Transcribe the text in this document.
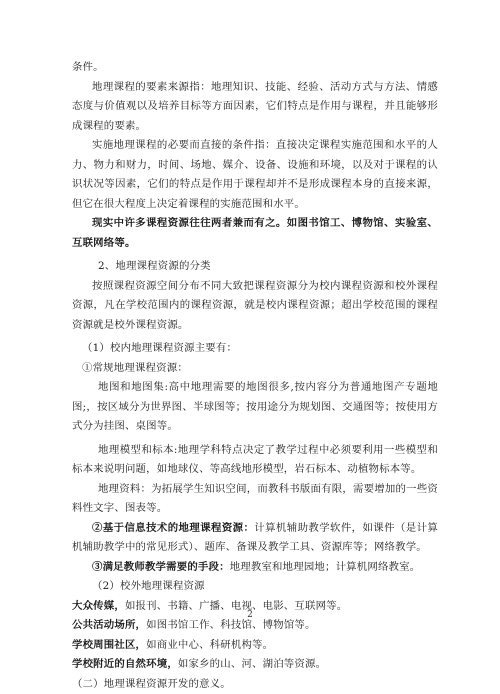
条件。

地理课程的要素来源指：地理知识、技能、经验、活动方式与方法、情感态度与价值观以及培养目标等方面因素，它们特点是作用与课程，并且能够形成课程的要素。

实施地理课程的必要而直接的条件指：直接决定课程实施范围和水平的人力、物力和财力，时间、场地、媒介、设备、设施和环境，以及对于课程的认识状况等因素，它们的特点是作用于课程却并不是形成课程本身的直接来源，但它在很大程度上决定着课程的实施范围和水平。

现实中许多课程资源往往两者兼而有之。如图书馆工、博物馆、实验室、互联网络等。

2、地理课程资源的分类

按照课程资源空间分布不同大致把课程资源分为校内课程资源和校外课程资源，凡在学校范围内的课程资源，就是校内课程资源；超出学校范围的课程资源就是校外课程资源。

（1）校内地理课程资源主要有：

①常规地理课程资源：

地图和地图集:高中地理需要的地图很多,按内容分为普通地图产专题地图;，按区域分为世界图、半球图等；按用途分为规划图、交通图等；按使用方式分为挂图、桌图等。

地理模型和标本:地理学科特点决定了教学过程中必须要利用一些模型和标本来说明问题，如地球仪、等高线地形模型，岩石标本、动植物标本等。

地理资料：为拓展学生知识空间，而教科书版面有限，需要增加的一些资料性文字、图表等。

②基于信息技术的地理课程资源：计算机辅助教学软件，如课件（是计算机辅助教学中的常见形式）、题库、备课及教学工具、资源库等；网络教学。

③满足教师教学需要的手段：地理教室和地理园地；计算机网络教室。

（2）校外地理课程资源

大众传媒，如报刊、书籍、广播、电视、电影、互联网等。

公共活动场所，如图书馆工作、科技馆、博物馆等。

学校周围社区，如商业中心、科研机构等。

学校附近的自然环境，如家乡的山、河、湖泊等资源。

（二）地理课程资源开发的意义。

2
